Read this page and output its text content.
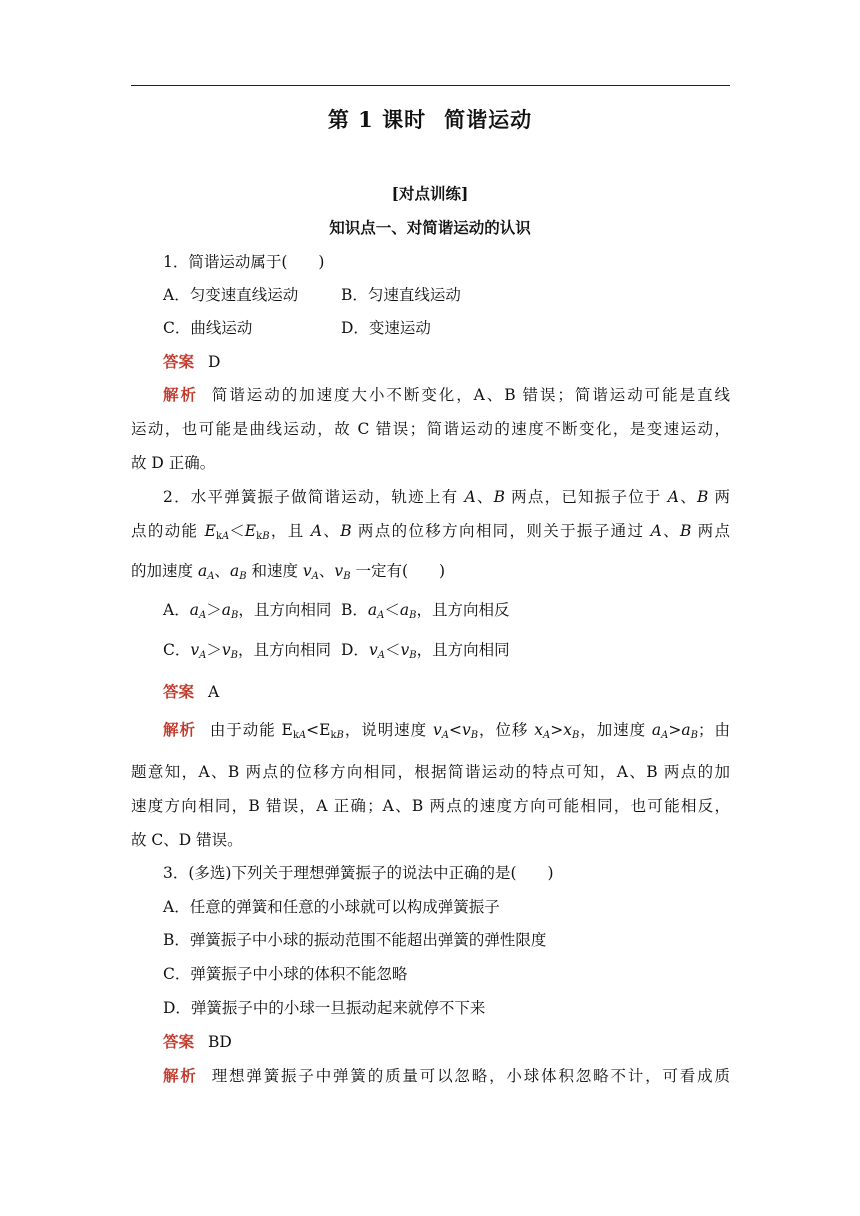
第 1 课时 简谐运动
[对点训练]
知识点一、对简谐运动的认识
1．简谐运动属于(　　)
A．匀变速直线运动	B．匀速直线运动
C．曲线运动	D．变速运动
答案 D
解析 简谐运动的加速度大小不断变化，A、B 错误；简谐运动可能是直线
运动，也可能是曲线运动，故 C 错误；简谐运动的速度不断变化，是变速运动，
故 D 正确。
2．水平弹簧振子做简谐运动，轨迹上有 A、B 两点，已知振子位于 A、B 两
点的动能 $E_{kA}<E_{kB}$，且 A、B 两点的位移方向相同，则关于振子通过 A、B 两点
的加速度 $a_A$、$a_B$ 和速度 $v_A$、$v_B$ 一定有(　　)
A．$a_A>a_B$，且方向相同 B．$a_A<a_B$，且方向相反
C．$v_A>v_B$，且方向相同 D．$v_A<v_B$，且方向相同
答案 A
解析 由于动能 $E_{kA}<E_{kB}$，说明速度 $v_A<v_B$，位移 $x_A>x_B$，加速度 $a_A>a_B$；由
题意知，A、B 两点的位移方向相同，根据简谐运动的特点可知，A、B 两点的加
速度方向相同，B 错误，A 正确；A、B 两点的速度方向可能相同，也可能相反，
故 C、D 错误。
3．(多选)下列关于理想弹簧振子的说法中正确的是(　　)
A．任意的弹簧和任意的小球就可以构成弹簧振子
B．弹簧振子中小球的振动范围不能超出弹簧的弹性限度
C．弹簧振子中小球的体积不能忽略
D．弹簧振子中的小球一旦振动起来就停不下来
答案 BD
解析 理想弹簧振子中弹簧的质量可以忽略，小球体积忽略不计，可看成质
